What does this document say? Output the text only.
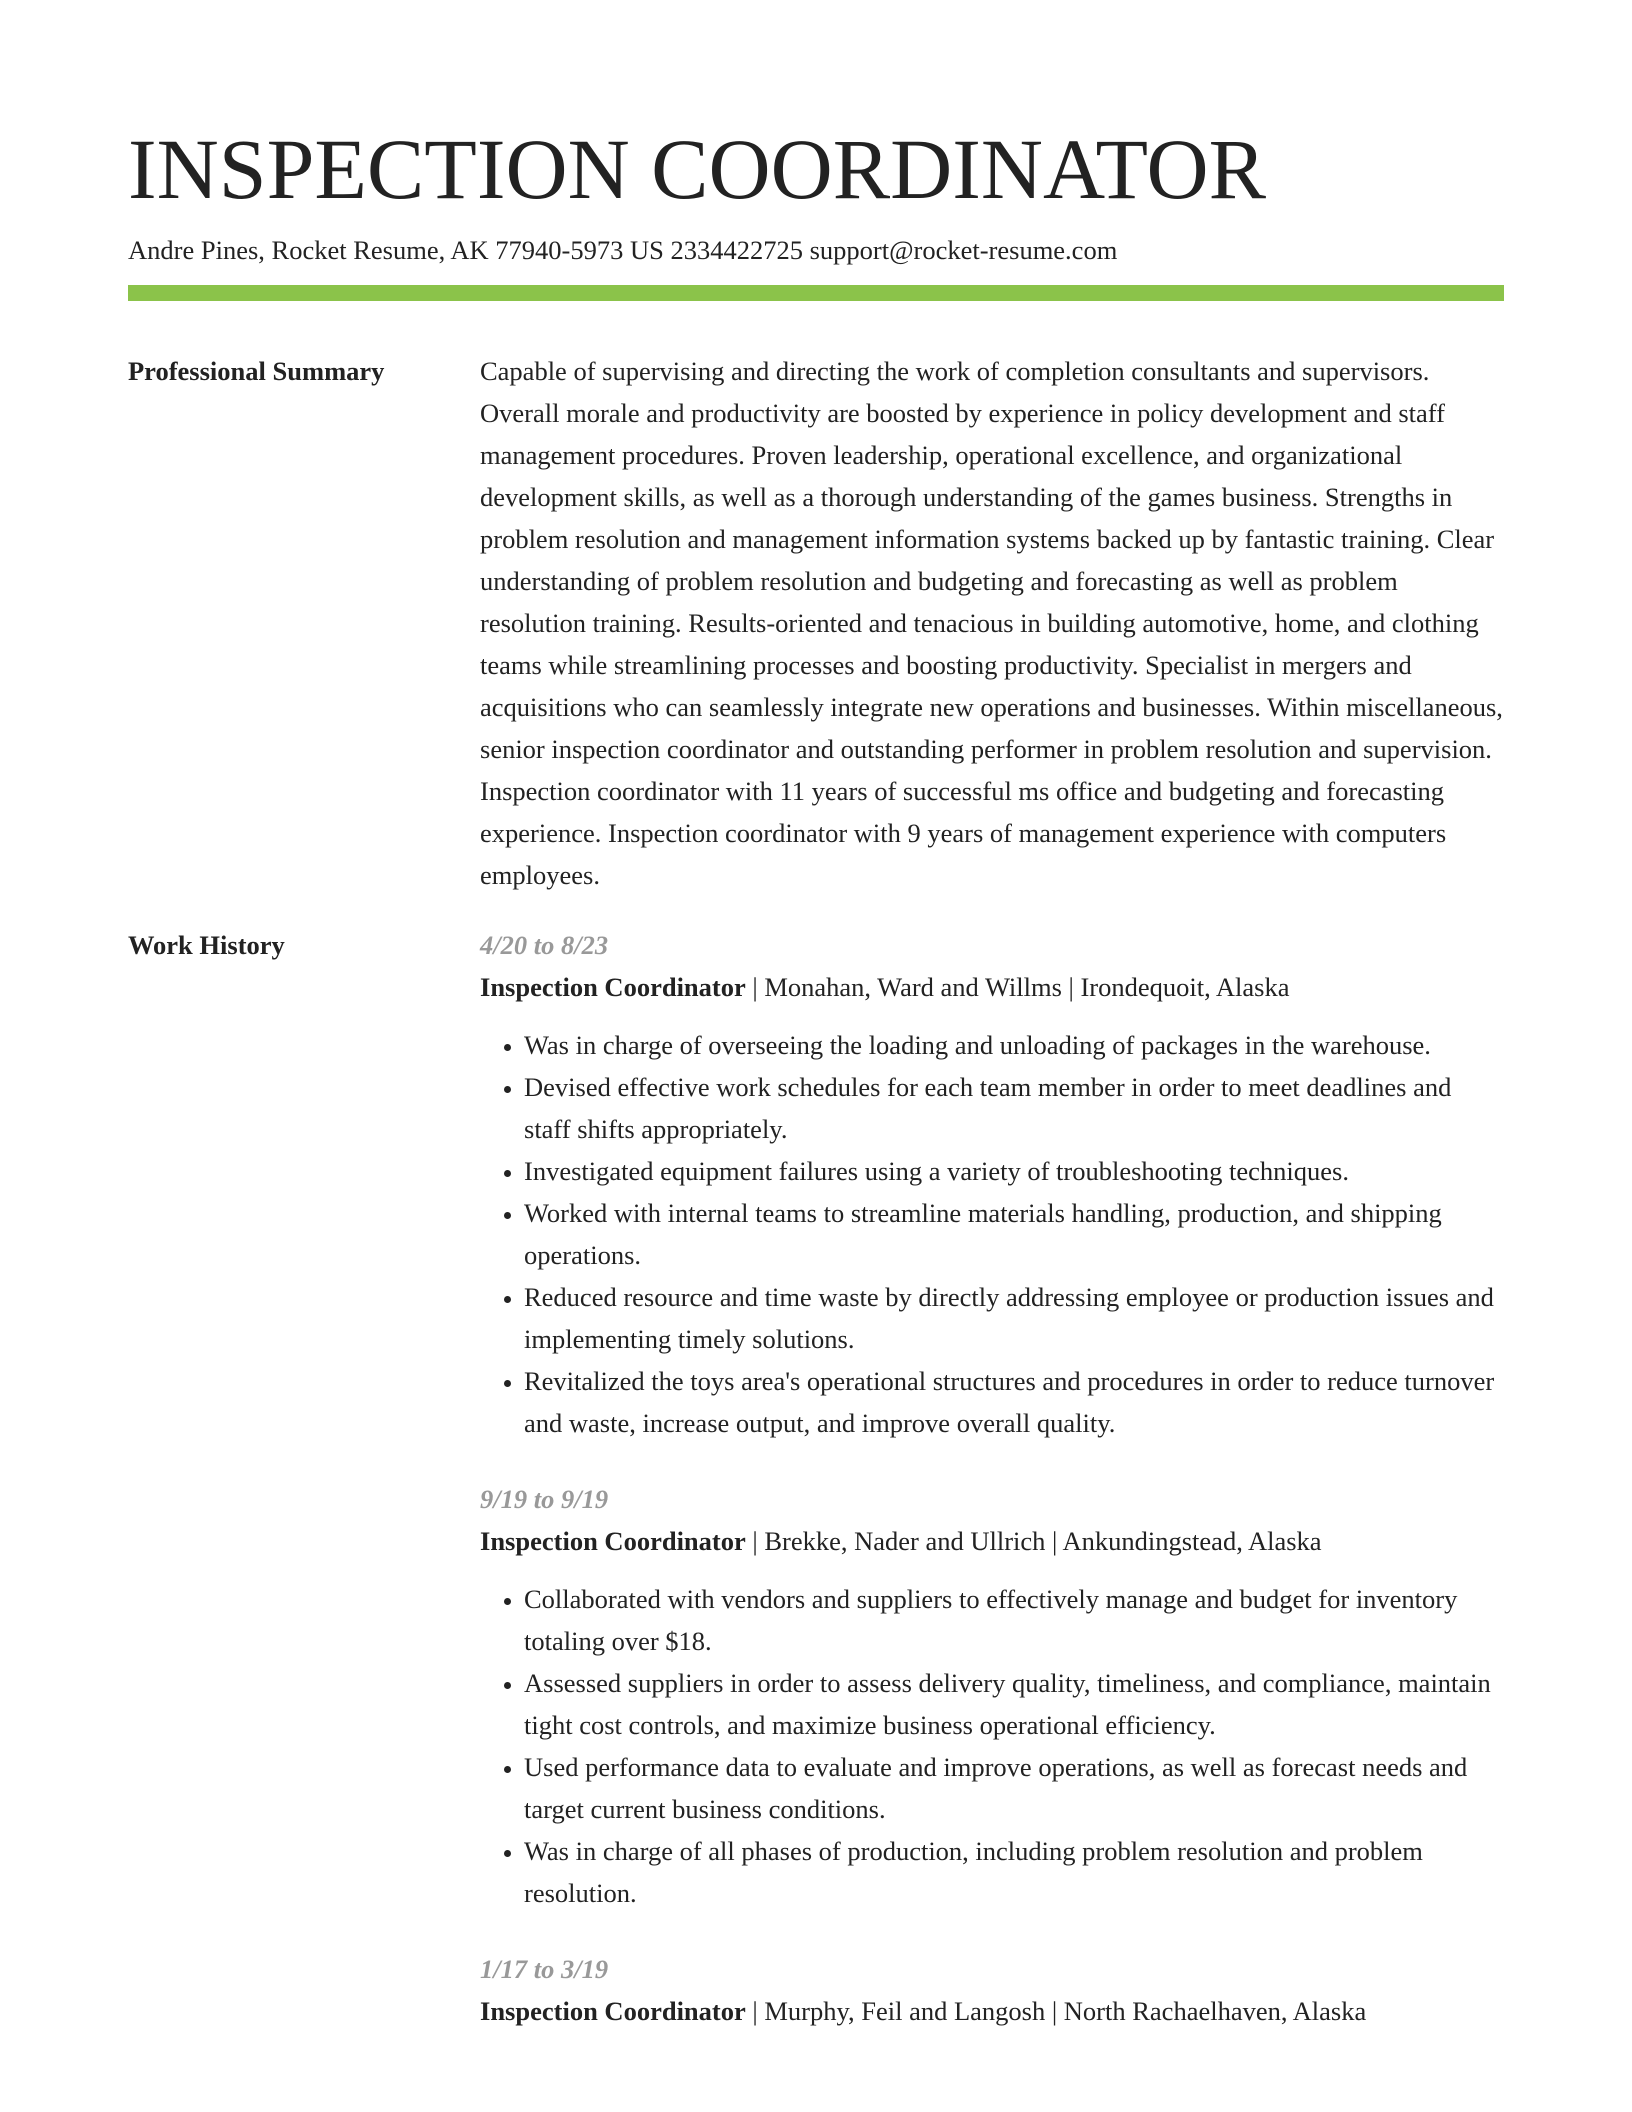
INSPECTION COORDINATOR
Andre Pines, Rocket Resume, AK 77940-5973 US 2334422725 support@rocket-resume.com
Professional Summary	Capable of supervising and directing the work of completion consultants and supervisors. Overall morale and productivity are boosted by experience in policy development and staff management procedures. Proven leadership, operational excellence, and organizational development skills, as well as a thorough understanding of the games business. Strengths in problem resolution and management information systems backed up by fantastic training. Clear understanding of problem resolution and budgeting and forecasting as well as problem resolution training. Results-oriented and tenacious in building automotive, home, and clothing teams while streamlining processes and boosting productivity. Specialist in mergers and acquisitions who can seamlessly integrate new operations and businesses. Within miscellaneous, senior inspection coordinator and outstanding performer in problem resolution and supervision. Inspection coordinator with 11 years of successful ms office and budgeting and forecasting experience. Inspection coordinator with 9 years of management experience with computers employees.

Work History	4/20 to 8/23
Inspection Coordinator | Monahan, Ward and Willms | Irondequoit, Alaska
• Was in charge of overseeing the loading and unloading of packages in the warehouse.
• Devised effective work schedules for each team member in order to meet deadlines and staff shifts appropriately.
• Investigated equipment failures using a variety of troubleshooting techniques.
• Worked with internal teams to streamline materials handling, production, and shipping operations.
• Reduced resource and time waste by directly addressing employee or production issues and implementing timely solutions.
• Revitalized the toys area's operational structures and procedures in order to reduce turnover and waste, increase output, and improve overall quality.
9/19 to 9/19
Inspection Coordinator | Brekke, Nader and Ullrich | Ankundingstead, Alaska
• Collaborated with vendors and suppliers to effectively manage and budget for inventory totaling over $18.
• Assessed suppliers in order to assess delivery quality, timeliness, and compliance, maintain tight cost controls, and maximize business operational efficiency.
• Used performance data to evaluate and improve operations, as well as forecast needs and target current business conditions.
• Was in charge of all phases of production, including problem resolution and problem resolution.
1/17 to 3/19
Inspection Coordinator | Murphy, Feil and Langosh | North Rachaelhaven, Alaska
